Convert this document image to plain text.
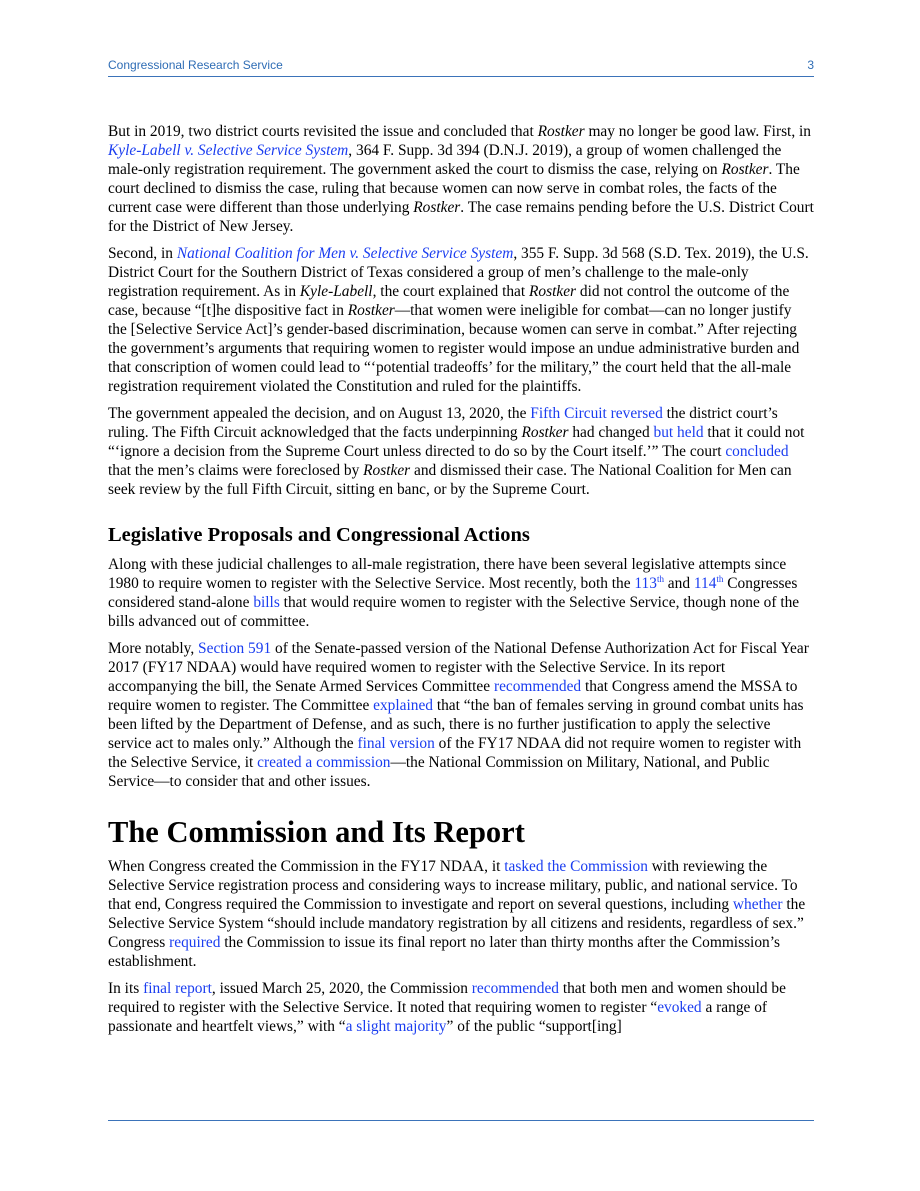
Congressional Research Service	3

But in 2019, two district courts revisited the issue and concluded that Rostker may no longer be good law. First, in Kyle-Labell v. Selective Service System, 364 F. Supp. 3d 394 (D.N.J. 2019), a group of women challenged the male-only registration requirement. The government asked the court to dismiss the case, relying on Rostker. The court declined to dismiss the case, ruling that because women can now serve in combat roles, the facts of the current case were different than those underlying Rostker. The case remains pending before the U.S. District Court for the District of New Jersey.

Second, in National Coalition for Men v. Selective Service System, 355 F. Supp. 3d 568 (S.D. Tex. 2019), the U.S. District Court for the Southern District of Texas considered a group of men’s challenge to the male-only registration requirement. As in Kyle-Labell, the court explained that Rostker did not control the outcome of the case, because “[t]he dispositive fact in Rostker—that women were ineligible for combat—can no longer justify the [Selective Service Act]’s gender-based discrimination, because women can serve in combat.” After rejecting the government’s arguments that requiring women to register would impose an undue administrative burden and that conscription of women could lead to “‘potential tradeoffs’ for the military,” the court held that the all-male registration requirement violated the Constitution and ruled for the plaintiffs.

The government appealed the decision, and on August 13, 2020, the Fifth Circuit reversed the district court’s ruling. The Fifth Circuit acknowledged that the facts underpinning Rostker had changed but held that it could not “‘ignore a decision from the Supreme Court unless directed to do so by the Court itself.’” The court concluded that the men’s claims were foreclosed by Rostker and dismissed their case. The National Coalition for Men can seek review by the full Fifth Circuit, sitting en banc, or by the Supreme Court.

Legislative Proposals and Congressional Actions

Along with these judicial challenges to all-male registration, there have been several legislative attempts since 1980 to require women to register with the Selective Service. Most recently, both the 113th and 114th Congresses considered stand-alone bills that would require women to register with the Selective Service, though none of the bills advanced out of committee.

More notably, Section 591 of the Senate-passed version of the National Defense Authorization Act for Fiscal Year 2017 (FY17 NDAA) would have required women to register with the Selective Service. In its report accompanying the bill, the Senate Armed Services Committee recommended that Congress amend the MSSA to require women to register. The Committee explained that “the ban of females serving in ground combat units has been lifted by the Department of Defense, and as such, there is no further justification to apply the selective service act to males only.” Although the final version of the FY17 NDAA did not require women to register with the Selective Service, it created a commission—the National Commission on Military, National, and Public Service—to consider that and other issues.

The Commission and Its Report

When Congress created the Commission in the FY17 NDAA, it tasked the Commission with reviewing the Selective Service registration process and considering ways to increase military, public, and national service. To that end, Congress required the Commission to investigate and report on several questions, including whether the Selective Service System “should include mandatory registration by all citizens and residents, regardless of sex.” Congress required the Commission to issue its final report no later than thirty months after the Commission’s establishment.

In its final report, issued March 25, 2020, the Commission recommended that both men and women should be required to register with the Selective Service. It noted that requiring women to register “evoked a range of passionate and heartfelt views,” with “a slight majority” of the public “support[ing]
